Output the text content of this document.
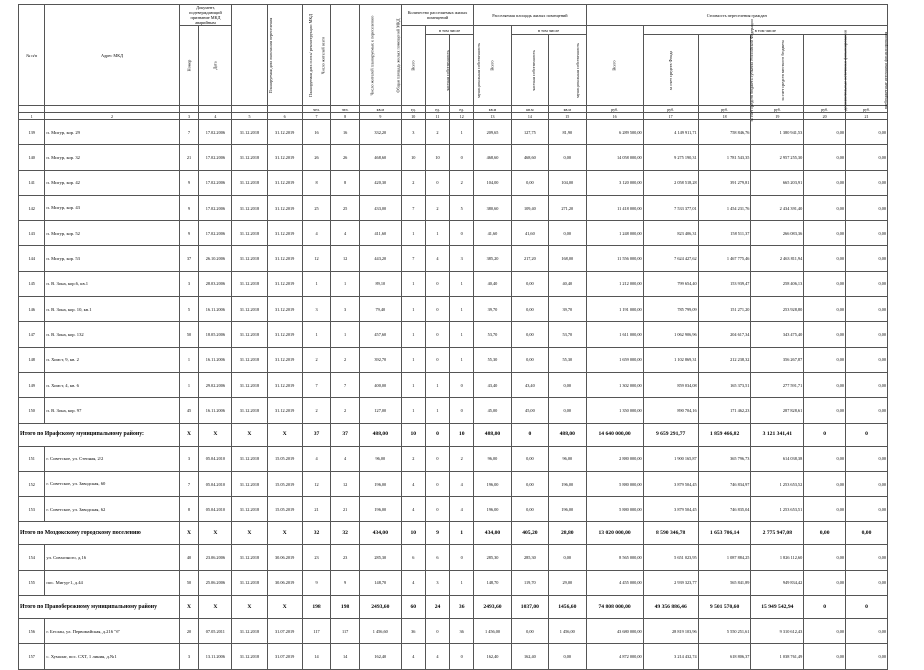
№ п/п	Адрес МКД	Документ, подтверждающий признание МКД аварийным		Планируемая дата окончания переселения	Планируемая дата сноса/ реконструкции МКД	Число жителей всего	Число жителей планируемых к переселению	Общая площадь жилых помещений МКД	Количество расселяемых жилых помещений			Расселяемая площадь жилых помещений			Стоимость переселения граждан					
		Номер	Дата						Всего	в том числе		Всего	в том числе		Всего	в том числе				
										частная собственность	муниципальная собственность		частная собственность	муниципальная собственность		за счет средств Фонда	за счет средств бюджета субъекта Российской Федерации	за счет средств местного бюджета	дополнительные источники финансирования	внебюджетные источники финансирования
						чел.	чел.	кв.м	ед.	ед.	ед.	кв.м	кв.м	кв.м	руб.	руб.	руб.	руб.	руб.	руб.
1	2	3	4	5	6	7	8	9	10	11	12	13	14	15	16	17	18	19	20	21
139	п. Мигур, кор. 29	7	17.02.2006	31.12.2018	31.12.2019	16	16	332,20	3	2	1	209,65	127,75	81,90	6 289 500,00	4 149 911,71	758 846,76	1 380 941,53	0,00	0,00
140	п. Мигур, кор. 32	21	17.02.2006	31.12.2018	31.12.2019	26	26	468,60	10	10	0	468,60	468,60	0,00	14 058 000,00	9 275 190,31	1 781 543,35	2 957 255,30	0,00	0,00
141	п. Мигур, кор. 42	9	17.02.2006	31.12.2018	31.12.2019	8	8	420,30	2	0	2	104,00	0,00	104,00	3 120 000,00	2 058 518,28	391 279,81	665 203,91	0,00	0,00
142	п. Мигур, кор. 43	9	17.02.2006	31.12.2018	31.12.2019	25	25	433,00	7	2	5	380,60	109,40	271,20	11 418 000,00	7 533 377,01	1 454 231,76	2 434 391,40	0,00	0,00
143	п. Мигур, кор. 52	9	17.02.2006	31.12.2018	31.12.2019	4	4	411,60	1	1	0	41,60	41,60	0,00	1 248 000,00	823 406,31	158 511,37	266 083,36	0,00	0,00
144	п. Мигур, кор. 53	37	26.10.2006	31.12.2018	31.12.2019	12	12	443,20	7	4	3	385,20	217,20	168,00	11 556 000,00	7 624 427,62	1 467 775,46	2 463 811,94	0,00	0,00
145	п. В. Зона, кор.6, кв.1	3	28.03.2006	31.12.2018	31.12.2019	1	1	89,10	1	0	1	40,40	0,00	40,40	1 212 000,00	799 654,40	153 939,47	258 406,13	0,00	0,00
146	п. В. Зона, кор. 10, кв.1	5	16.11.2006	31.12.2018	31.12.2019	3	3	79,40	1	0	1	39,70	0,00	39,70	1 191 000,00	785 799,09	151 271,20	253 928,80	0,00	0,00
147	п. В. Зона, кор. 132	50	18.05.2006	31.12.2018	31.12.2019	1	1	457,60	1	0	1	53,70	0,00	53,70	1 611 000,00	1 062 906,96	204 617,34	343 475,40	0,00	0,00
148	п. Хомст, 9, кв. 2	1	16.11.2006	31.12.2018	31.12.2019	2	2	392,70	1	0	1	55,30	0,00	55,30	1 659 000,00	1 102 869,31	212 238,32	356 267,87	0,00	0,00
149	п. Хомст, 4, кв. 6	1	29.02.2006	31.12.2018	31.12.2019	7	7	400,00	1	1	0	43,40	43,40	0,00	1 302 000,00	859 034,08	165 373,51	277 591,71	0,00	0,00
150	п. В. Зона, кор. 97	45	16.11.2006	31.12.2018	31.12.2019	2	2	127,00	1	1	0	45,00	45,00	0,00	1 350 000,00	890 704,16	171 462,23	287 828,61	0,00	0,00
Итого по Ирафскому муниципальному району:		X	X	X	X	37	37	488,00	10	0	10	488,00	0	488,00	14 640 000,00	9 659 291,77	1 859 466,82	3 121 341,41	0	0
151	г. Советское, ул. Степная, 2/2	3	05.04.2010	31.12.2018	15.05.2019	4	4	96,00	2	0	2	96,00	0,00	96,00	2 880 000,00	1 900 165,87	365 796,73	614 038,38	0,00	0,00
152	г. Советское, ул. Заводская, 60	7	05.04.2010	31.12.2018	15.05.2019	12	12	196,00	4	0	4	196,00	0,00	196,00	5 880 000,00	3 879 504,45	746 834,97	1 253 653,52	0,00	0,00
153	г. Советское, ул. Заводская, 62	8	05.04.2010	31.12.2018	15.05.2019	21	21	196,00	4	0	4	196,00	0,00	196,00	5 880 000,00	3 879 504,45	746 835,04	1 253 653,51	0,00	0,00
Итого по Моздокскому городскому поселению		X	X	X	X	32	32	434,00	10	9	1	434,00	405,20	28,80	13 020 000,00	8 590 346,78	1 653 706,14	2 775 947,08	0,00	0,00
154	ул. Совхозного, д.16	40	23.06.2006	31.12.2018	30.06.2019	23	23	285,30	6	6	0	285,30	285,30	0,00	8 565 000,00	5 651 023,95	1 087 884,25	1 826 112,60	0,00	0,00
155	пос. Мигур-1, д.44	50	25.06.2006	31.12.2018	30.06.2019	9	9	148,70	4	3	1	148,70	119,70	29,00	4 455 000,00	2 939 323,77	565 841,89	949 834,42	0,00	0,00
Итого по Правобережному муниципальному району		X	X	X	X	198	198	2493,60	60	24	36	2493,60	1037,00	1456,60	74 808 000,00	49 356 886,46	9 501 570,60	15 949 542,94	0	0
156	г. Беслан, ул. Первомайская, д.216 "б"	20	07.05.2011	31.12.2018	31.07.2019	117	117	1 456,60	36	0	36	1 456,00	0,00	1 456,00	43 680 000,00	28 819 103,96	5 550 251,61	9 310 612,43	0,00	0,00
157	с. Хумалаг, пос. СХТ, 1 линия, д.№1	3	13.11.2006	31.12.2018	31.07.2019	14	14	162,40	4	4	0	162,40	162,40	0,00	4 872 000,00	3 214 432,74	618 806,37	1 038 761,49	0,00	0,00
